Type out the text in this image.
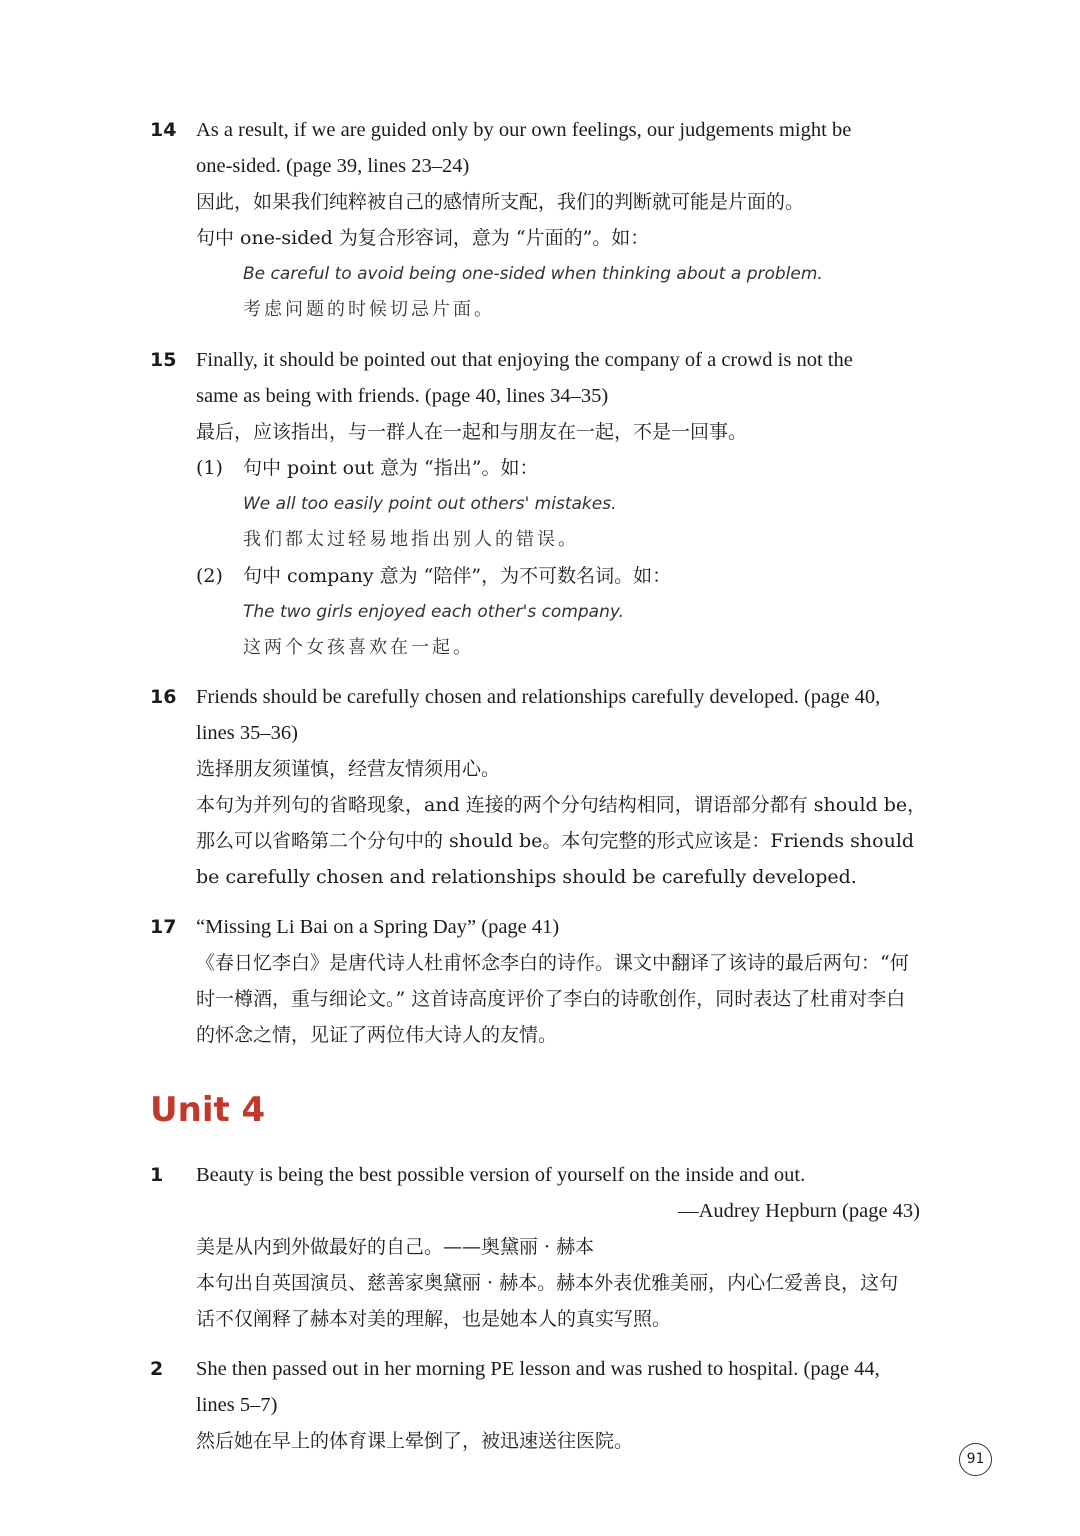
14 As a result, if we are guided only by our own feelings, our judgements might be
one-sided. (page 39, lines 23–24)
因此，如果我们纯粹被自己的感情所支配，我们的判断就可能是片面的。
句中 one-sided 为复合形容词，意为 “片面的”。如：
Be careful to avoid being one-sided when thinking about a problem.
考虑问题的时候切忌片面。
15 Finally, it should be pointed out that enjoying the company of a crowd is not the
same as being with friends. (page 40, lines 34–35)
最后，应该指出，与一群人在一起和与朋友在一起，不是一回事。
(1) 句中 point out 意为 “指出”。如：
We all too easily point out others' mistakes.
我们都太过轻易地指出别人的错误。
(2) 句中 company 意为 “陪伴”，为不可数名词。如：
The two girls enjoyed each other's company.
这两个女孩喜欢在一起。
16 Friends should be carefully chosen and relationships carefully developed. (page 40,
lines 35–36)
选择朋友须谨慎，经营友情须用心。
本句为并列句的省略现象，and 连接的两个分句结构相同，谓语部分都有 should be，
那么可以省略第二个分句中的 should be。本句完整的形式应该是：Friends should
be carefully chosen and relationships should be carefully developed.
17 “Missing Li Bai on a Spring Day” (page 41)
《春日忆李白》是唐代诗人杜甫怀念李白的诗作。课文中翻译了该诗的最后两句：“何
时一樽酒，重与细论文。” 这首诗高度评价了李白的诗歌创作，同时表达了杜甫对李白
的怀念之情，见证了两位伟大诗人的友情。
Unit 4
1 Beauty is being the best possible version of yourself on the inside and out.
—Audrey Hepburn (page 43)
美是从内到外做最好的自己。——奥黛丽 · 赫本
本句出自英国演员、慈善家奥黛丽 · 赫本。赫本外表优雅美丽，内心仁爱善良，这句
话不仅阐释了赫本对美的理解，也是她本人的真实写照。
2 She then passed out in her morning PE lesson and was rushed to hospital. (page 44,
lines 5–7)
然后她在早上的体育课上晕倒了，被迅速送往医院。
91
